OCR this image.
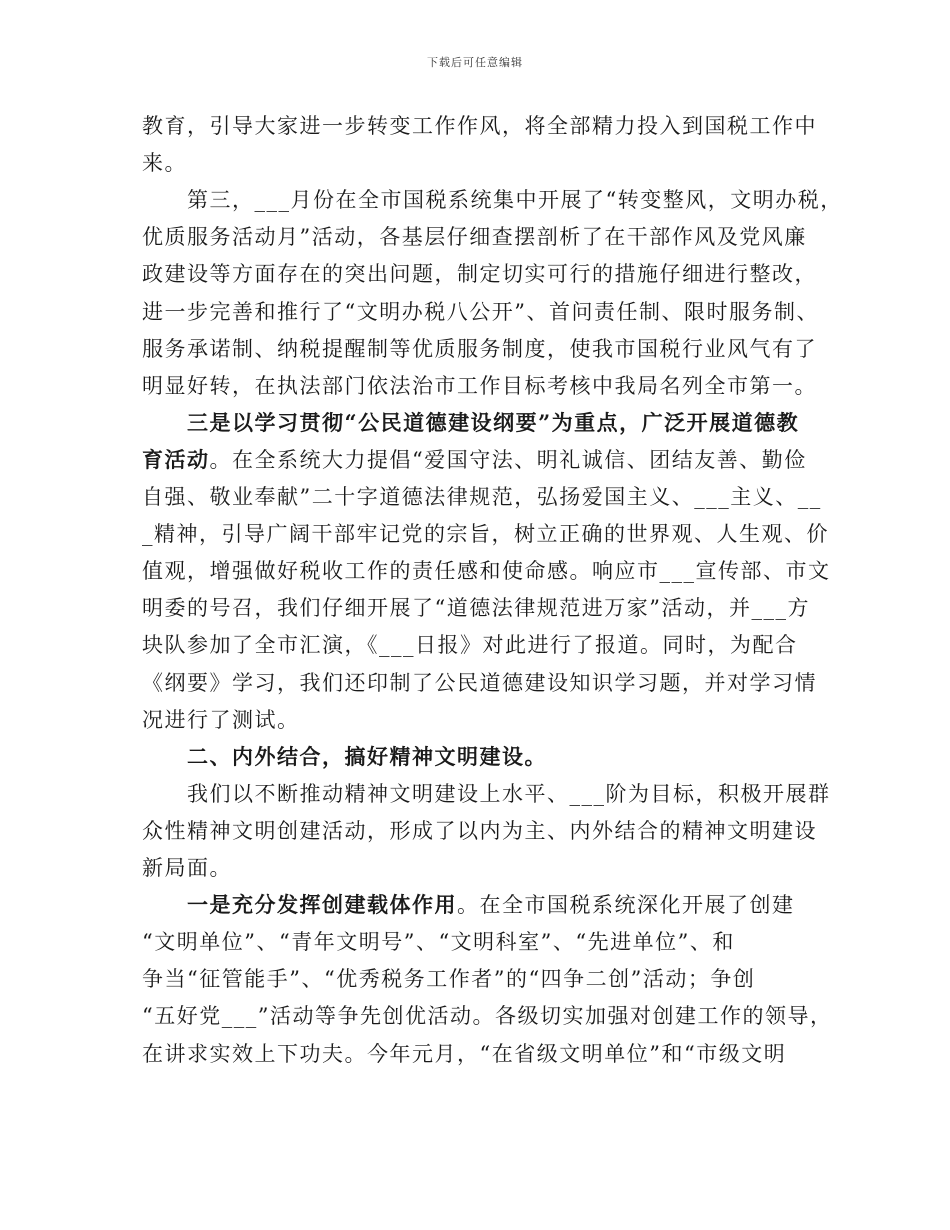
下载后可任意编辑
教育，引导大家进一步转变工作作风，将全部精力投入到国税工作中
来。
　　第三，___月份在全市国税系统集中开展了“转变整风，文明办税，
优质服务活动月”活动，各基层仔细查摆剖析了在干部作风及党风廉
政建设等方面存在的突出问题，制定切实可行的措施仔细进行整改，
进一步完善和推行了“文明办税八公开”、首问责任制、限时服务制、
服务承诺制、纳税提醒制等优质服务制度，使我市国税行业风气有了
明显好转，在执法部门依法治市工作目标考核中我局名列全市第一。
　　三是以学习贯彻“公民道德建设纲要”为重点，广泛开展道德教
育活动。在全系统大力提倡“爱国守法、明礼诚信、团结友善、勤俭
自强、敬业奉献”二十字道德法律规范，弘扬爱国主义、___主义、__
_精神，引导广阔干部牢记党的宗旨，树立正确的世界观、人生观、价
值观，增强做好税收工作的责任感和使命感。响应市___宣传部、市文
明委的号召，我们仔细开展了“道德法律规范进万家”活动，并___方
块队参加了全市汇演，《___日报》对此进行了报道。同时，为配合
《纲要》学习，我们还印制了公民道德建设知识学习题，并对学习情
况进行了测试。
　　二、内外结合，搞好精神文明建设。
　　我们以不断推动精神文明建设上水平、___阶为目标，积极开展群
众性精神文明创建活动，形成了以内为主、内外结合的精神文明建设
新局面。
　　一是充分发挥创建载体作用。在全市国税系统深化开展了创建
“文明单位”、“青年文明号”、“文明科室”、“先进单位”、和
争当“征管能手”、“优秀税务工作者”的“四争二创”活动；争创
“五好党___”活动等争先创优活动。各级切实加强对创建工作的领导，
在讲求实效上下功夫。今年元月，“在省级文明单位”和“市级文明
